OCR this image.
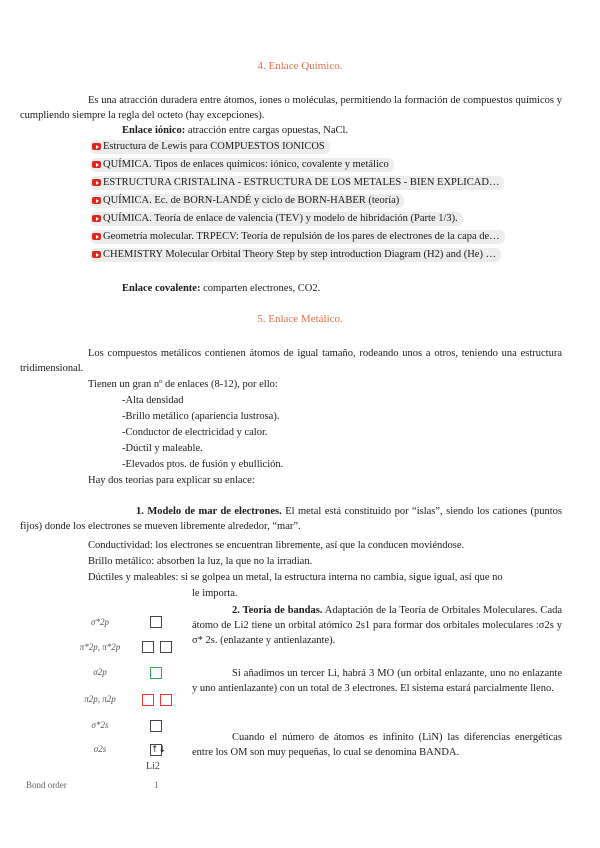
4. Enlace Químico.
Es una atracción duradera entre átomos, iones o moléculas, permitiendo la formación de compuestos químicos y cumpliendo siempre la regla del octeto (hay excepciones).
Enlace iónico: atracción entre cargas opuestas, NaCl.
Estructura de Lewis para COMPUESTOS IONICOS
QUÍMICA. Tipos de enlaces químicos: iónico, covalente y metálico
ESTRUCTURA CRISTALINA - ESTRUCTURA DE LOS METALES - BIEN EXPLICAD…
QUÍMICA. Ec. de BORN-LANDÉ y ciclo de BORN-HABER (teoría)
QUÍMICA. Teoría de enlace de valencia (TEV) y modelo de hibridación (Parte 1/3).
Geometría molecular. TRPECV: Teoría de repulsión de los pares de electrones de la capa de…
CHEMISTRY Molecular Orbital Theory Step by step introduction Diagram (H2) and (He) …
Enlace covalente: comparten electrones, CO2.
5. Enlace Metálico.
Los compuestos metálicos contienen átomos de igual tamaño, rodeando unos a otros, teniendo una estructura tridimensional.
Tienen un gran nº de enlaces (8-12), por ello:
-Alta densidad
-Brillo metálico (apariencia lustrosa).
-Conductor de electricidad y calor.
-Dúctil y maleable.
-Elevados ptos. de fusión y ebullición.
Hay dos teorías para explicar su enlace:
1. Modelo de mar de electrones. El metal está constituido por “islas”, siendo los cationes (puntos fijos) donde los electrones se mueven libremente alrededor, “mar”.
Conductividad: los electrones se encuentran libremente, así que la conducen moviéndose.
Brillo metálico: absorben la luz, la que no la irradian.
Dúctiles y maleables: si se golpea un metal, la estructura interna no cambia, sigue igual, así que no
le importa.
2. Teoría de bandas. Adaptación de la Teoría de Orbitales Moleculares. Cada átomo de Li2 tiene un orbital atómico 2s1 para formar dos orbitales moleculares :σ2s y σ* 2s. (enlazante y antienlazante).
Si añadimos un tercer Li, habrá 3 MO (un orbital enlazante, uno no enlazante y uno antienlazante) con un total de 3 electrones. El sistema estará parcialmente lleno.
Cuando el número de átomos es infinito (LiN) las diferencias energéticas entre los OM son muy pequeñas, lo cual se denomina BANDA.
σ*2p
π*2p, π*2p
σ2p
π2p, π2p
σ*2s
σ2s	↑↓
Li2
Bond order	1
